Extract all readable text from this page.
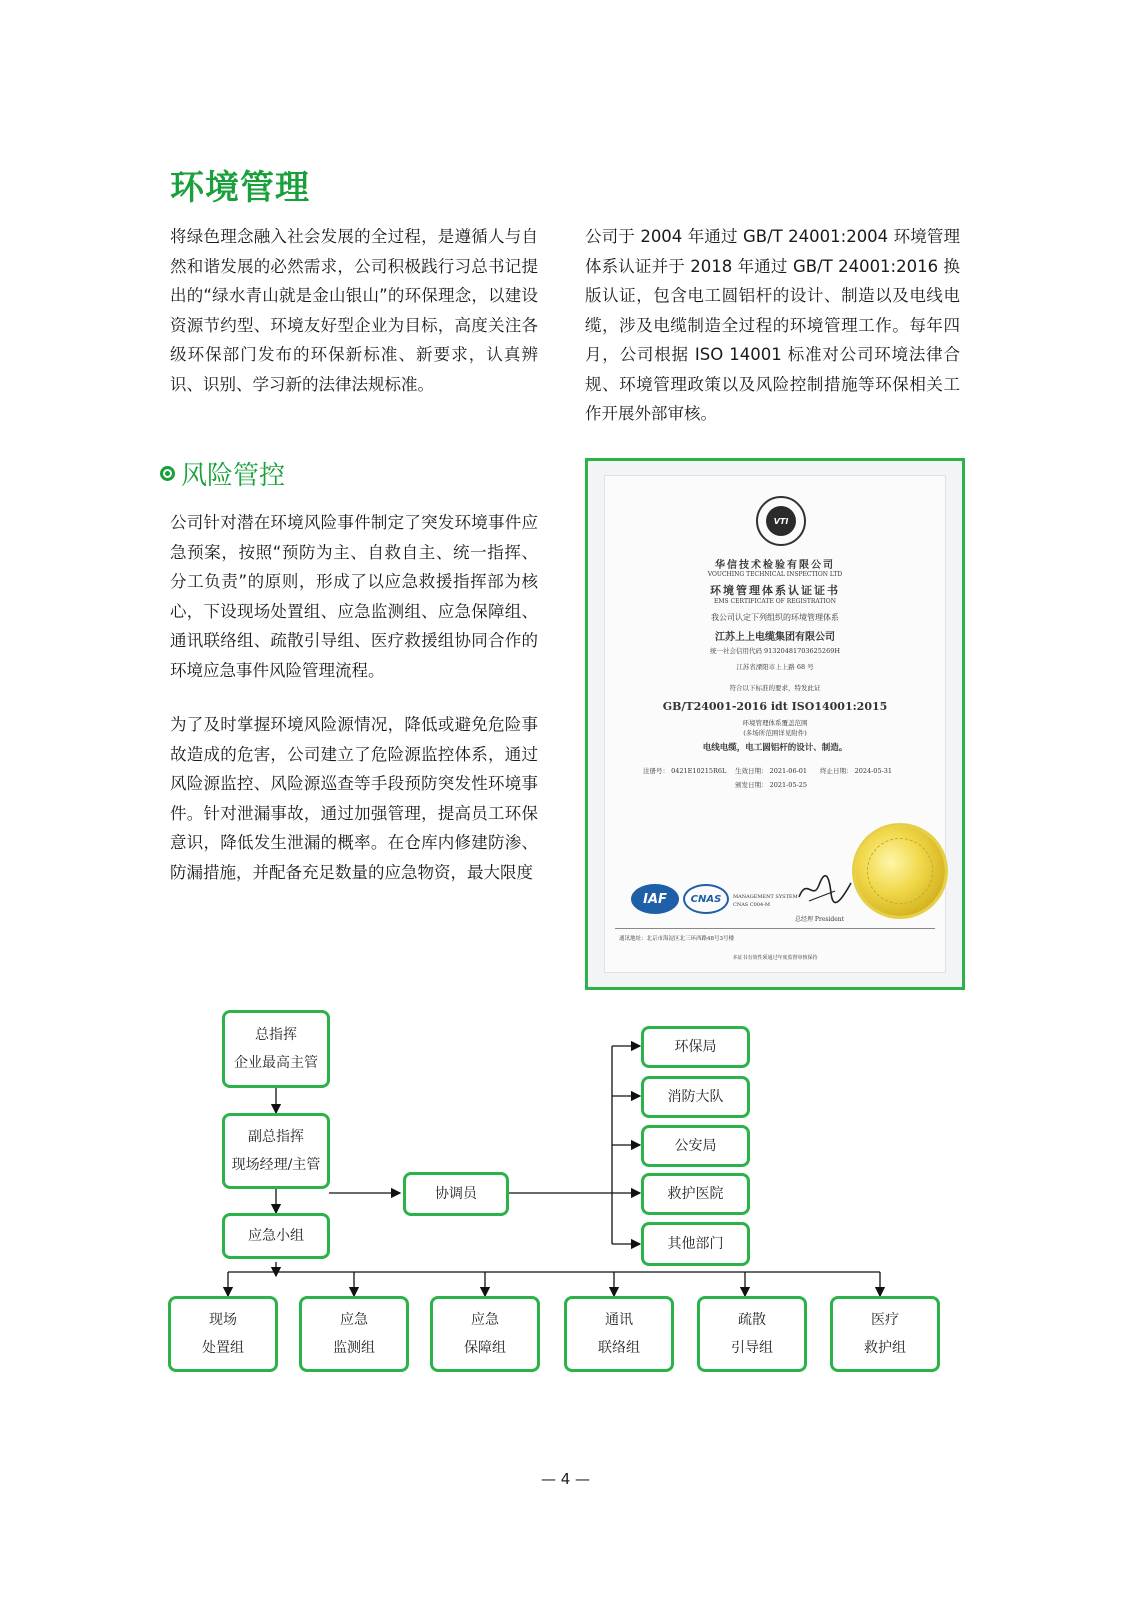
环境管理

将绿色理念融入社会发展的全过程，是遵循人与自然和谐发展的必然需求，公司积极践行习总书记提出的“绿水青山就是金山银山”的环保理念，以建设资源节约型、环境友好型企业为目标，高度关注各级环保部门发布的环保新标准、新要求，认真辨识、识别、学习新的法律法规标准。

公司于 2004 年通过 GB/T 24001:2004 环境管理体系认证并于 2018 年通过 GB/T 24001:2016 换版认证，包含电工圆铝杆的设计、制造以及电线电缆，涉及电缆制造全过程的环境管理工作。每年四月，公司根据 ISO 14001 标准对公司环境法律合规、环境管理政策以及风险控制措施等环保相关工作开展外部审核。

风险管控

公司针对潜在环境风险事件制定了突发环境事件应急预案，按照“预防为主、自救自主、统一指挥、分工负责”的原则，形成了以应急救援指挥部为核心，下设现场处置组、应急监测组、应急保障组、通讯联络组、疏散引导组、医疗救援组协同合作的环境应急事件风险管理流程。

为了及时掌握环境风险源情况，降低或避免危险事故造成的危害，公司建立了危险源监控体系，通过风险源监控、风险源巡查等手段预防突发性环境事件。针对泄漏事故，通过加强管理，提高员工环保意识，降低发生泄漏的概率。在仓库内修建防渗、防漏措施，并配备充足数量的应急物资，最大限度

VTI
华信技术检验有限公司
VOUCHING TECHNICAL INSPECTION LTD
环境管理体系认证证书
EMS CERTIFICATE OF REGISTRATION
我公司认定下列组织的环境管理体系
江苏上上电缆集团有限公司
统一社会信用代码 91320481703625269H
江苏省溧阳市上上路 68 号
符合以下标准的要求，特发此证
GB/T24001-2016 idt ISO14001:2015
环境管理体系覆盖范围
(多场所范围详见附件)
电线电缆，电工圆铝杆的设计、制造。
注册号： 0421E10215R6L 生效日期： 2021-06-01 终止日期： 2024-05-31
颁发日期： 2021-05-25
IAF	CNAS	MANAGEMENT SYSTEM
CNAS C004-M
总经理 President
通讯地址：北京市海淀区北三环西路48号3号楼
本证书有效性须通过年度监督审核保持
总指挥
企业最高主管
副总指挥
现场经理/主管
应急小组
协调员
环保局
消防大队
公安局
救护医院
其他部门
现场
处置组
应急
监测组
应急
保障组
通讯
联络组
疏散
引导组
医疗
救护组
— 4 —
